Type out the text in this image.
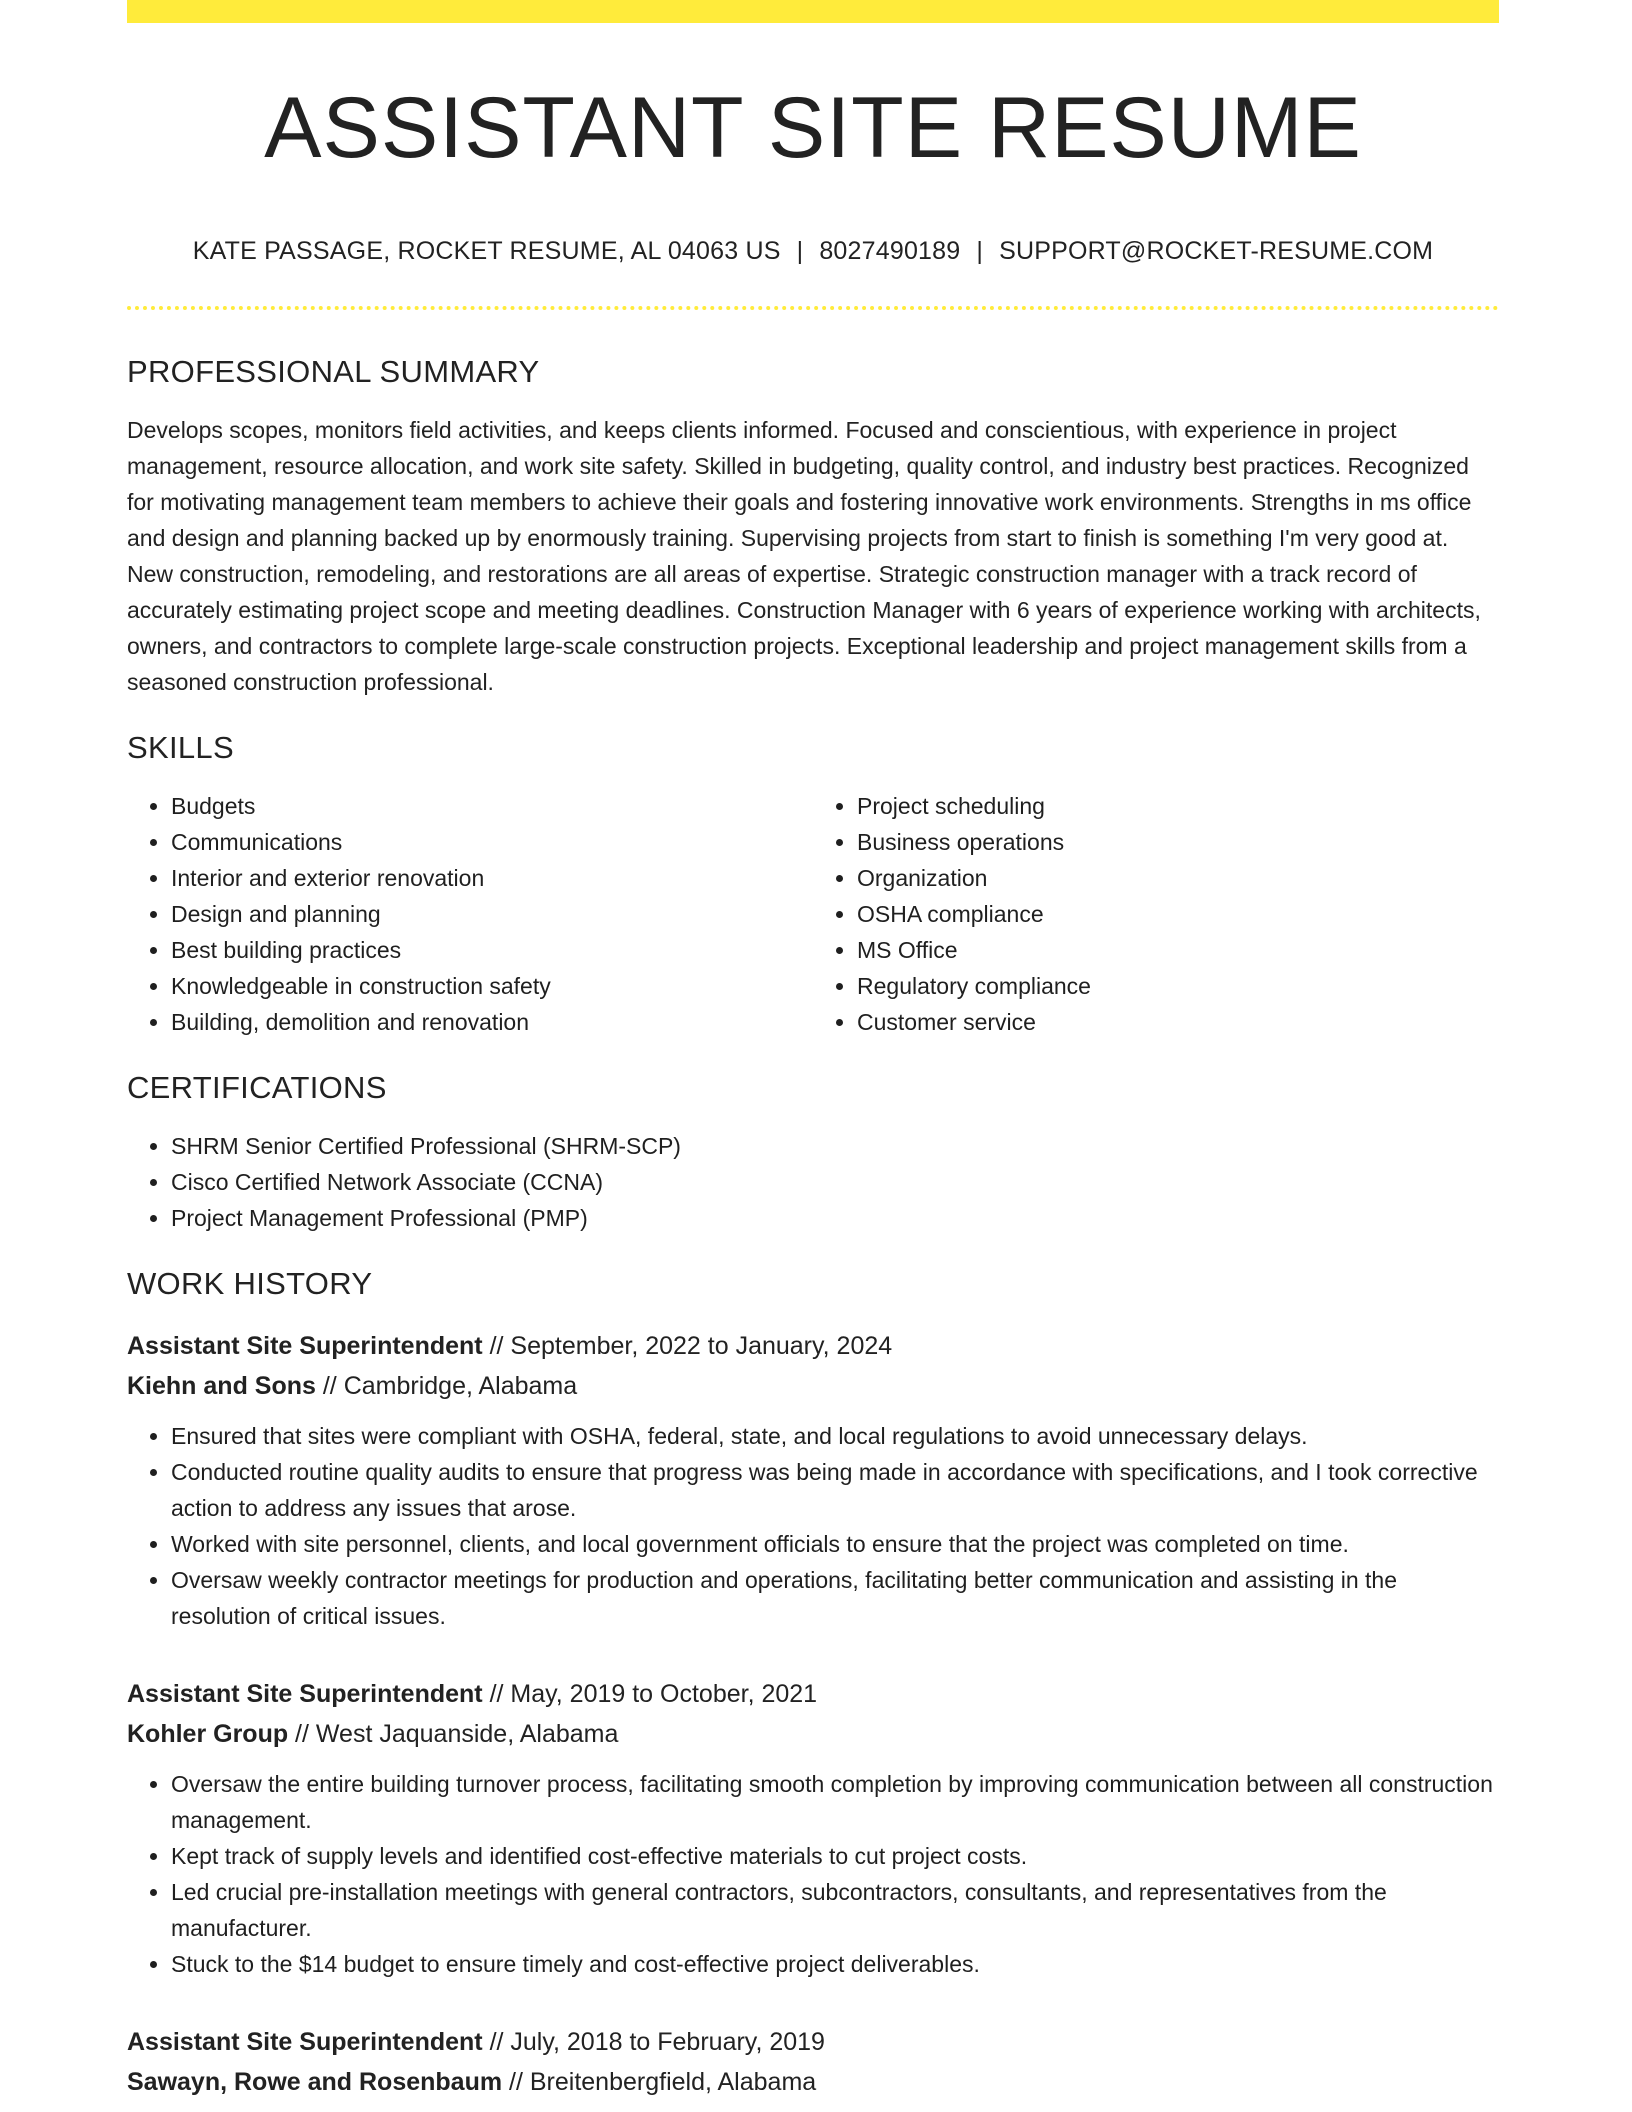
ASSISTANT SITE RESUME
KATE PASSAGE, ROCKET RESUME, AL 04063 US | 8027490189 | SUPPORT@ROCKET-RESUME.COM
PROFESSIONAL SUMMARY

Develops scopes, monitors field activities, and keeps clients informed. Focused and conscientious, with experience in project management, resource allocation, and work site safety. Skilled in budgeting, quality control, and industry best practices. Recognized for motivating management team members to achieve their goals and fostering innovative work environments. Strengths in ms office and design and planning backed up by enormously training. Supervising projects from start to finish is something I'm very good at. New construction, remodeling, and restorations are all areas of expertise. Strategic construction manager with a track record of accurately estimating project scope and meeting deadlines. Construction Manager with 6 years of experience working with architects, owners, and contractors to complete large-scale construction projects. Exceptional leadership and project management skills from a seasoned construction professional.

SKILLS
• Budgets
• Communications
• Interior and exterior renovation
• Design and planning
• Best building practices
• Knowledgeable in construction safety
• Building, demolition and renovation
• Project scheduling
• Business operations
• Organization
• OSHA compliance
• MS Office
• Regulatory compliance
• Customer service
CERTIFICATIONS
• SHRM Senior Certified Professional (SHRM-SCP)
• Cisco Certified Network Associate (CCNA)
• Project Management Professional (PMP)
WORK HISTORY
Assistant Site Superintendent // September, 2022 to January, 2024
Kiehn and Sons // Cambridge, Alabama
• Ensured that sites were compliant with OSHA, federal, state, and local regulations to avoid unnecessary delays.
• Conducted routine quality audits to ensure that progress was being made in accordance with specifications, and I took corrective action to address any issues that arose.
• Worked with site personnel, clients, and local government officials to ensure that the project was completed on time.
• Oversaw weekly contractor meetings for production and operations, facilitating better communication and assisting in the resolution of critical issues.
Assistant Site Superintendent // May, 2019 to October, 2021
Kohler Group // West Jaquanside, Alabama
• Oversaw the entire building turnover process, facilitating smooth completion by improving communication between all construction management.
• Kept track of supply levels and identified cost-effective materials to cut project costs.
• Led crucial pre-installation meetings with general contractors, subcontractors, consultants, and representatives from the manufacturer.
• Stuck to the $14 budget to ensure timely and cost-effective project deliverables.
Assistant Site Superintendent // July, 2018 to February, 2019
Sawayn, Rowe and Rosenbaum // Breitenbergfield, Alabama
